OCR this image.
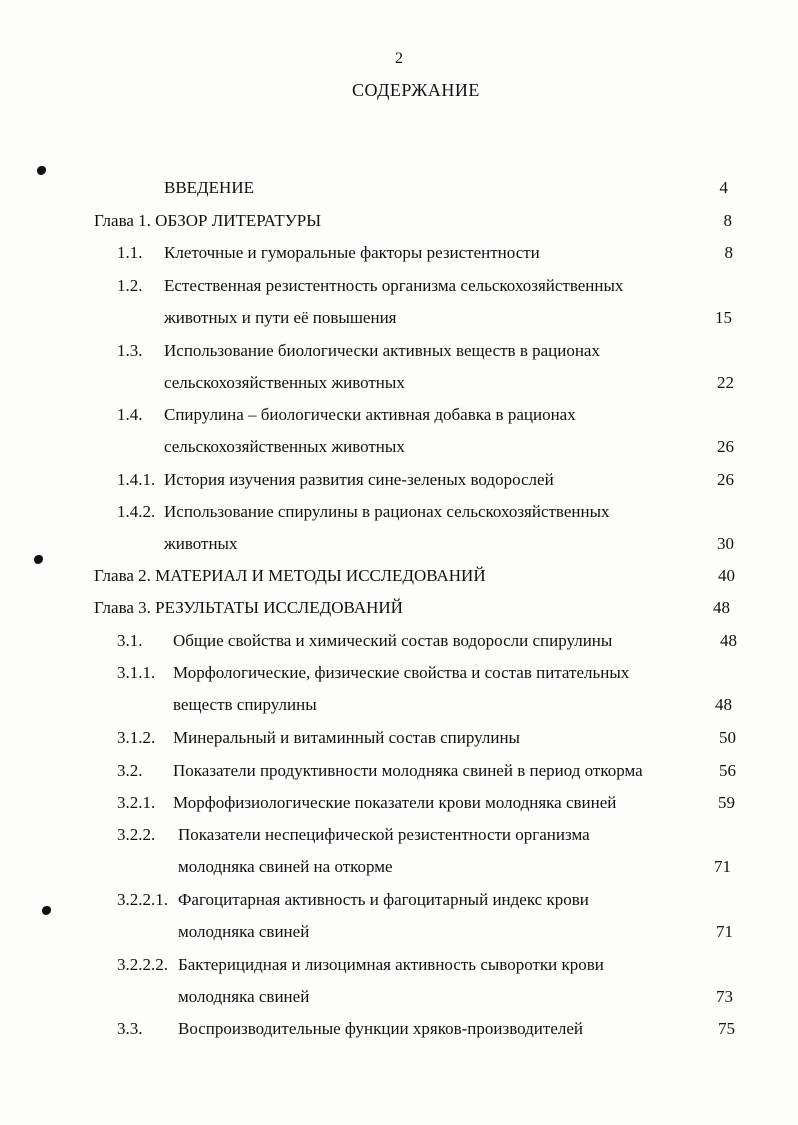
2
СОДЕРЖАНИЕ
ВВЕДЕНИЕ	4
Глава 1. ОБЗОР ЛИТЕРАТУРЫ	8
1.1. Клеточные и гуморальные факторы резистентности	8
1.2. Естественная резистентность организма сельскохозяйственных
животных и пути её повышения	15
1.3. Использование биологически активных веществ в рационах
сельскохозяйственных животных	22
1.4. Спирулина – биологически активная добавка в рационах
сельскохозяйственных животных	26
1.4.1. История изучения развития сине-зеленых водорослей	26
1.4.2. Использование спирулины в рационах сельскохозяйственных
животных	30
Глава 2. МАТЕРИАЛ И МЕТОДЫ ИССЛЕДОВАНИЙ	40
Глава 3. РЕЗУЛЬТАТЫ ИССЛЕДОВАНИЙ	48
3.1. Общие свойства и химический состав водоросли спирулины	48
3.1.1. Морфологические, физические свойства и состав питательных
веществ спирулины	48
3.1.2. Минеральный и витаминный состав спирулины	50
3.2. Показатели продуктивности молодняка свиней в период откорма	56
3.2.1. Морфофизиологические показатели крови молодняка свиней	59
3.2.2. Показатели неспецифической резистентности организма
молодняка свиней на откорме	71
3.2.2.1. Фагоцитарная активность и фагоцитарный индекс крови
молодняка свиней	71
3.2.2.2. Бактерицидная и лизоцимная активность сыворотки крови
молодняка свиней	73
3.3. Воспроизводительные функции хряков-производителей	75
